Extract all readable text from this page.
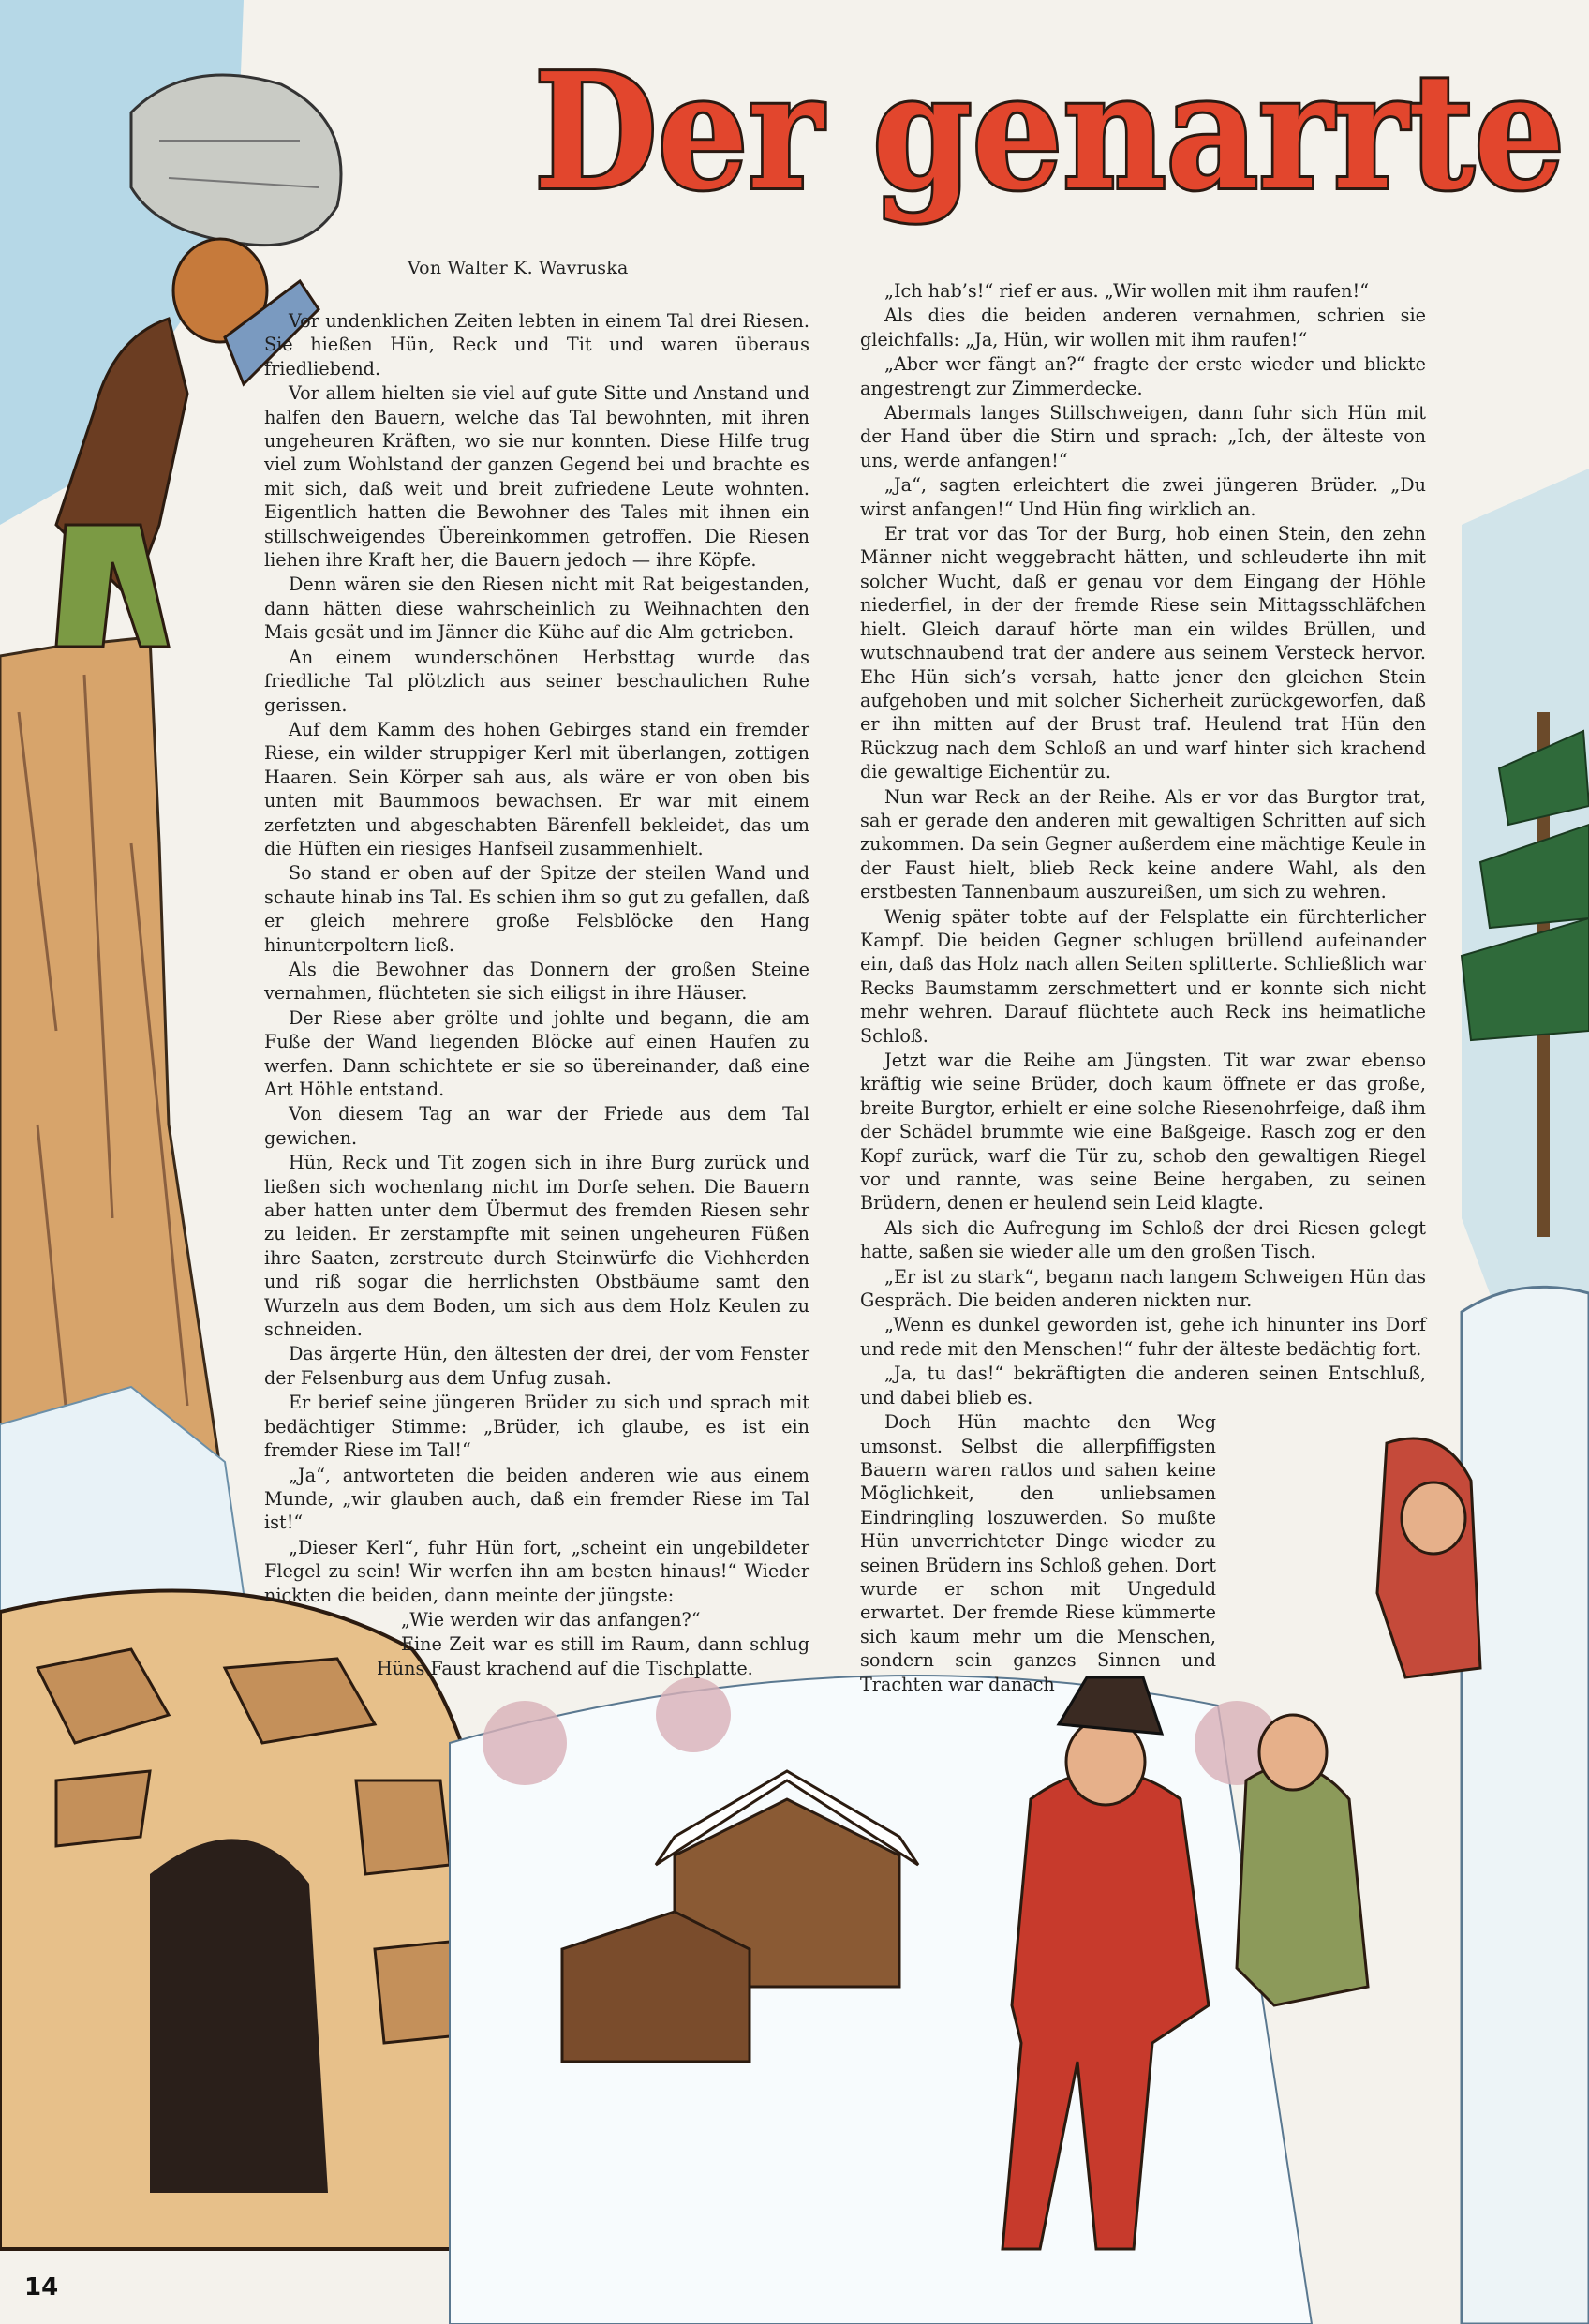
Der genarrte
Von Walter K. Wavruska

Vor undenklichen Zeiten lebten in einem Tal drei Riesen. Sie hießen Hün, Reck und Tit und waren überaus friedliebend.

Vor allem hielten sie viel auf gute Sitte und Anstand und halfen den Bauern, welche das Tal bewohnten, mit ihren ungeheuren Kräften, wo sie nur konnten. Diese Hilfe trug viel zum Wohlstand der ganzen Gegend bei und brachte es mit sich, daß weit und breit zufriedene Leute wohnten. Eigentlich hatten die Bewohner des Tales mit ihnen ein stillschweigendes Übereinkommen getroffen. Die Riesen liehen ihre Kraft her, die Bauern jedoch — ihre Köpfe.

Denn wären sie den Riesen nicht mit Rat beigestanden, dann hätten diese wahrscheinlich zu Weihnachten den Mais gesät und im Jänner die Kühe auf die Alm getrieben.

An einem wunderschönen Herbsttag wurde das friedliche Tal plötzlich aus seiner beschaulichen Ruhe gerissen.

Auf dem Kamm des hohen Gebirges stand ein fremder Riese, ein wilder struppiger Kerl mit überlangen, zottigen Haaren. Sein Körper sah aus, als wäre er von oben bis unten mit Baummoos bewachsen. Er war mit einem zerfetzten und abgeschabten Bärenfell bekleidet, das um die Hüften ein riesiges Hanfseil zusammenhielt.

So stand er oben auf der Spitze der steilen Wand und schaute hinab ins Tal. Es schien ihm so gut zu gefallen, daß er gleich mehrere große Felsblöcke den Hang hinunterpoltern ließ.

Als die Bewohner das Donnern der großen Steine vernahmen, flüchteten sie sich eiligst in ihre Häuser.

Der Riese aber grölte und johlte und begann, die am Fuße der Wand liegenden Blöcke auf einen Haufen zu werfen. Dann schichtete er sie so übereinander, daß eine Art Höhle entstand.

Von diesem Tag an war der Friede aus dem Tal gewichen.

Hün, Reck und Tit zogen sich in ihre Burg zurück und ließen sich wochenlang nicht im Dorfe sehen. Die Bauern aber hatten unter dem Übermut des fremden Riesen sehr zu leiden. Er zerstampfte mit seinen ungeheuren Füßen ihre Saaten, zerstreute durch Steinwürfe die Viehherden und riß sogar die herrlichsten Obstbäume samt den Wurzeln aus dem Boden, um sich aus dem Holz Keulen zu schneiden.

Das ärgerte Hün, den ältesten der drei, der vom Fenster der Felsenburg aus dem Unfug zusah.

Er berief seine jüngeren Brüder zu sich und sprach mit bedächtiger Stimme: „Brüder, ich glaube, es ist ein fremder Riese im Tal!“

„Ja“, antworteten die beiden anderen wie aus einem Munde, „wir glauben auch, daß ein fremder Riese im Tal ist!“

„Dieser Kerl“, fuhr Hün fort, „scheint ein ungebildeter Flegel zu sein! Wir werfen ihn am besten hinaus!“ Wieder nickten die beiden, dann meinte der jüngste:

„Wie werden wir das anfangen?“

Eine Zeit war es still im Raum, dann schlug Hüns Faust krachend auf die Tischplatte.

„Ich hab’s!“ rief er aus. „Wir wollen mit ihm raufen!“

Als dies die beiden anderen vernahmen, schrien sie gleichfalls: „Ja, Hün, wir wollen mit ihm raufen!“

„Aber wer fängt an?“ fragte der erste wieder und blickte angestrengt zur Zimmerdecke.

Abermals langes Stillschweigen, dann fuhr sich Hün mit der Hand über die Stirn und sprach: „Ich, der älteste von uns, werde anfangen!“

„Ja“, sagten erleichtert die zwei jüngeren Brüder. „Du wirst anfangen!“ Und Hün fing wirklich an.

Er trat vor das Tor der Burg, hob einen Stein, den zehn Männer nicht weggebracht hätten, und schleuderte ihn mit solcher Wucht, daß er genau vor dem Eingang der Höhle niederfiel, in der der fremde Riese sein Mittagsschläfchen hielt. Gleich darauf hörte man ein wildes Brüllen, und wutschnaubend trat der andere aus seinem Versteck hervor. Ehe Hün sich’s versah, hatte jener den gleichen Stein aufgehoben und mit solcher Sicherheit zurückgeworfen, daß er ihn mitten auf der Brust traf. Heulend trat Hün den Rückzug nach dem Schloß an und warf hinter sich krachend die gewaltige Eichentür zu.

Nun war Reck an der Reihe. Als er vor das Burgtor trat, sah er gerade den anderen mit gewaltigen Schritten auf sich zukommen. Da sein Gegner außerdem eine mächtige Keule in der Faust hielt, blieb Reck keine andere Wahl, als den erstbesten Tannenbaum auszureißen, um sich zu wehren.

Wenig später tobte auf der Felsplatte ein fürchterlicher Kampf. Die beiden Gegner schlugen brüllend aufeinander ein, daß das Holz nach allen Seiten splitterte. Schließlich war Recks Baumstamm zerschmettert und er konnte sich nicht mehr wehren. Darauf flüchtete auch Reck ins heimatliche Schloß.

Jetzt war die Reihe am Jüngsten. Tit war zwar ebenso kräftig wie seine Brüder, doch kaum öffnete er das große, breite Burgtor, erhielt er eine solche Riesenohrfeige, daß ihm der Schädel brummte wie eine Baßgeige. Rasch zog er den Kopf zurück, warf die Tür zu, schob den gewaltigen Riegel vor und rannte, was seine Beine hergaben, zu seinen Brüdern, denen er heulend sein Leid klagte.

Als sich die Aufregung im Schloß der drei Riesen gelegt hatte, saßen sie wieder alle um den großen Tisch.

„Er ist zu stark“, begann nach langem Schweigen Hün das Gespräch. Die beiden anderen nickten nur.

„Wenn es dunkel geworden ist, gehe ich hinunter ins Dorf und rede mit den Menschen!“ fuhr der älteste bedächtig fort.

„Ja, tu das!“ bekräftigten die anderen seinen Entschluß, und dabei blieb es.

Doch Hün machte den Weg umsonst. Selbst die allerpfiffigsten Bauern waren ratlos und sahen keine Möglichkeit, den unliebsamen Eindringling loszuwerden. So mußte Hün unverrichteter Dinge wieder zu seinen Brüdern ins Schloß gehen. Dort wurde er schon mit Ungeduld erwartet. Der fremde Riese kümmerte sich kaum mehr um die Menschen, sondern sein ganzes Sinnen und Trachten war danach

14
